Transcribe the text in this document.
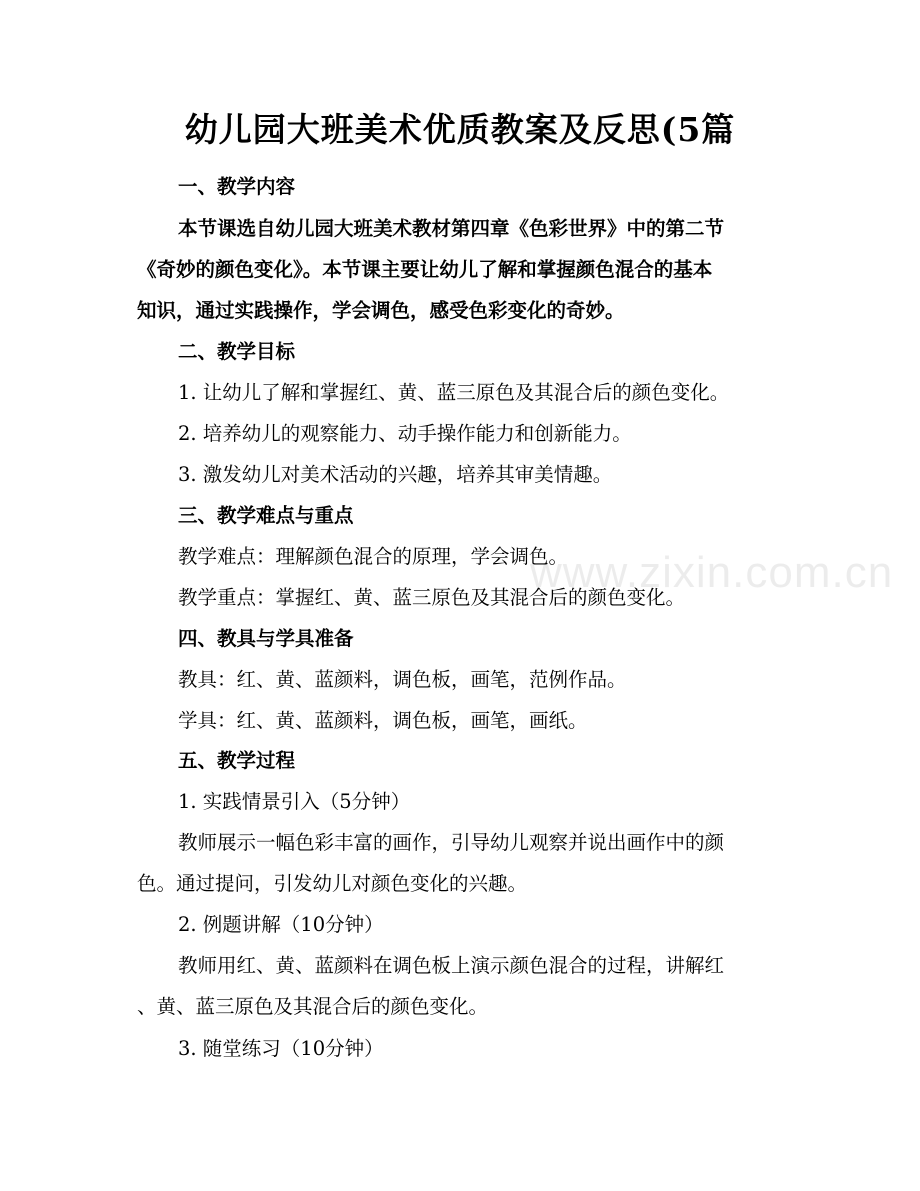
www.zixin.com.cn
幼儿园大班美术优质教案及反思(5篇
一、教学内容
本节课选自幼儿园大班美术教材第四章《色彩世界》中的第二节
《奇妙的颜色变化》。本节课主要让幼儿了解和掌握颜色混合的基本
知识，通过实践操作，学会调色，感受色彩变化的奇妙。
二、教学目标
1. 让幼儿了解和掌握红、黄、蓝三原色及其混合后的颜色变化。
2. 培养幼儿的观察能力、动手操作能力和创新能力。
3. 激发幼儿对美术活动的兴趣，培养其审美情趣。
三、教学难点与重点
教学难点：理解颜色混合的原理，学会调色。
教学重点：掌握红、黄、蓝三原色及其混合后的颜色变化。
四、教具与学具准备
教具：红、黄、蓝颜料，调色板，画笔，范例作品。
学具：红、黄、蓝颜料，调色板，画笔，画纸。
五、教学过程
1. 实践情景引入（5分钟）
教师展示一幅色彩丰富的画作，引导幼儿观察并说出画作中的颜
色。通过提问，引发幼儿对颜色变化的兴趣。
2. 例题讲解（10分钟）
教师用红、黄、蓝颜料在调色板上演示颜色混合的过程，讲解红
、黄、蓝三原色及其混合后的颜色变化。
3. 随堂练习（10分钟）
